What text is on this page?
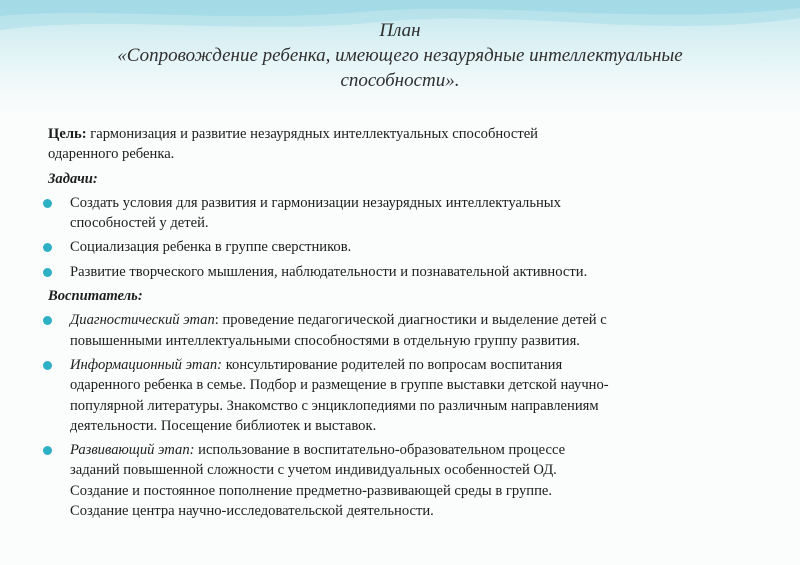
План
«Сопровождение ребенка, имеющего незаурядные интеллектуальные
способности».
Цель: гармонизация и развитие незаурядных интеллектуальных способностей
одаренного ребенка.
Задачи:
Создать условия для развития и гармонизации незаурядных интеллектуальных
способностей у детей.
Социализация ребенка в группе сверстников.
Развитие творческого мышления, наблюдательности и познавательной активности.
Воспитатель:
Диагностический этап: проведение педагогической диагностики и выделение детей с
повышенными интеллектуальными способностями в отдельную группу развития.
Информационный этап: консультирование родителей по вопросам воспитания
одаренного ребенка в семье. Подбор и размещение в группе выставки детской научно-
популярной литературы. Знакомство с энциклопедиями по различным направлениям
деятельности. Посещение библиотек и выставок.
Развивающий этап: использование в воспитательно-образовательном процессе
заданий повышенной сложности с учетом индивидуальных особенностей ОД.
Создание и постоянное пополнение предметно-развивающей среды в группе.
Создание центра научно-исследовательской деятельности.
